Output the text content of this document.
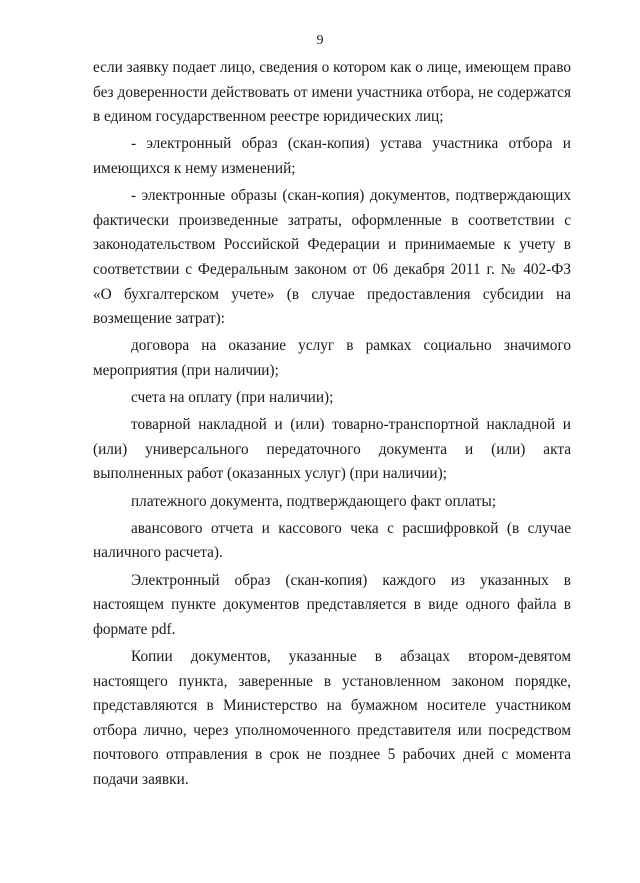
9

если заявку подает лицо, сведения о котором как о лице, имеющем право без доверенности действовать от имени участника отбора, не содержатся в едином государственном реестре юридических лиц;

- электронный образ (скан-копия) устава участника отбора и имеющихся к нему изменений;

- электронные образы (скан-копия) документов, подтверждающих фактически произведенные затраты, оформленные в соответствии с законодательством Российской Федерации и принимаемые к учету в соответствии с Федеральным законом от 06 декабря 2011 г. № 402-ФЗ «О бухгалтерском учете» (в случае предоставления субсидии на возмещение затрат):

договора на оказание услуг в рамках социально значимого мероприятия (при наличии);

счета на оплату (при наличии);

товарной накладной и (или) товарно-транспортной накладной и (или) универсального передаточного документа и (или) акта выполненных работ (оказанных услуг) (при наличии);

платежного документа, подтверждающего факт оплаты;

авансового отчета и кассового чека с расшифровкой (в случае наличного расчета).

Электронный образ (скан-копия) каждого из указанных в настоящем пункте документов представляется в виде одного файла в формате pdf.

Копии документов, указанные в абзацах втором-девятом настоящего пункта, заверенные в установленном законом порядке, представляются в Министерство на бумажном носителе участником отбора лично, через уполномоченного представителя или посредством почтового отправления в срок не позднее 5 рабочих дней с момента подачи заявки.
